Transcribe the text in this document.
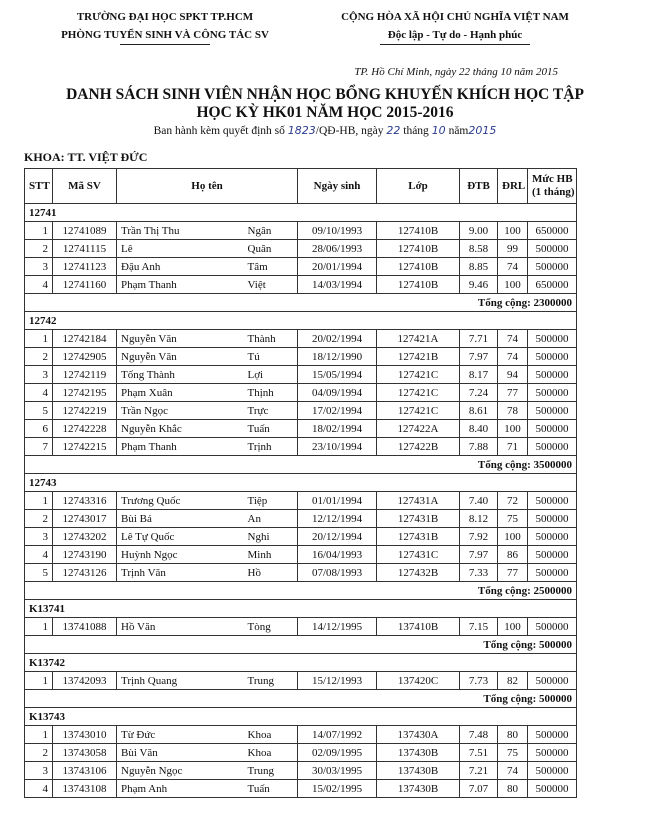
TRƯỜNG ĐẠI HỌC SPKT TP.HCM
PHÒNG TUYỂN SINH VÀ CÔNG TÁC SV
CỘNG HÒA XÃ HỘI CHỦ NGHĨA VIỆT NAM
Độc lập - Tự do - Hạnh phúc
TP. Hồ Chí Minh, ngày 22 tháng 10 năm 2015
DANH SÁCH SINH VIÊN NHẬN HỌC BỔNG KHUYẾN KHÍCH HỌC TẬP
HỌC KỲ HK01 NĂM HỌC 2015-2016
Ban hành kèm quyết định số 1823/QĐ-HB, ngày 22 tháng 10 năm2015
KHOA: TT. VIỆT ĐỨC
STT	Mã SV	Họ tên		Ngày sinh	Lớp	ĐTB	ĐRL	Mức HB
(1 tháng)
12741								
1	12741089	Trần Thị Thu	Ngân	09/10/1993	127410B	9.00	100	650000
2	12741115	Lê	Quân	28/06/1993	127410B	8.58	99	500000
3	12741123	Đậu Anh	Tâm	20/01/1994	127410B	8.85	74	500000
4	12741160	Phạm Thanh	Việt	14/03/1994	127410B	9.46	100	650000
Tổng cộng: 2300000								
12742								
1	12742184	Nguyễn Văn	Thành	20/02/1994	127421A	7.71	74	500000
2	12742905	Nguyễn Văn	Tú	18/12/1990	127421B	7.97	74	500000
3	12742119	Tống Thành	Lợi	15/05/1994	127421C	8.17	94	500000
4	12742195	Phạm Xuân	Thịnh	04/09/1994	127421C	7.24	77	500000
5	12742219	Trần Ngọc	Trực	17/02/1994	127421C	8.61	78	500000
6	12742228	Nguyễn Khắc	Tuấn	18/02/1994	127422A	8.40	100	500000
7	12742215	Phạm Thanh	Trịnh	23/10/1994	127422B	7.88	71	500000
Tổng cộng: 3500000								
12743								
1	12743316	Trương Quốc	Tiệp	01/01/1994	127431A	7.40	72	500000
2	12743017	Bùi Bá	An	12/12/1994	127431B	8.12	75	500000
3	12743202	Lê Tự Quốc	Nghi	20/12/1994	127431B	7.92	100	500000
4	12743190	Huỳnh Ngọc	Minh	16/04/1993	127431C	7.97	86	500000
5	12743126	Trịnh Văn	Hồ	07/08/1993	127432B	7.33	77	500000
Tổng cộng: 2500000								
K13741								
1	13741088	Hồ Văn	Tòng	14/12/1995	137410B	7.15	100	500000
Tổng cộng: 500000								
K13742								
1	13742093	Trịnh Quang	Trung	15/12/1993	137420C	7.73	82	500000
Tổng cộng: 500000								
K13743								
1	13743010	Từ Đức	Khoa	14/07/1992	137430A	7.48	80	500000
2	13743058	Bùi Văn	Khoa	02/09/1995	137430B	7.51	75	500000
3	13743106	Nguyễn Ngọc	Trung	30/03/1995	137430B	7.21	74	500000
4	13743108	Phạm Anh	Tuấn	15/02/1995	137430B	7.07	80	500000
